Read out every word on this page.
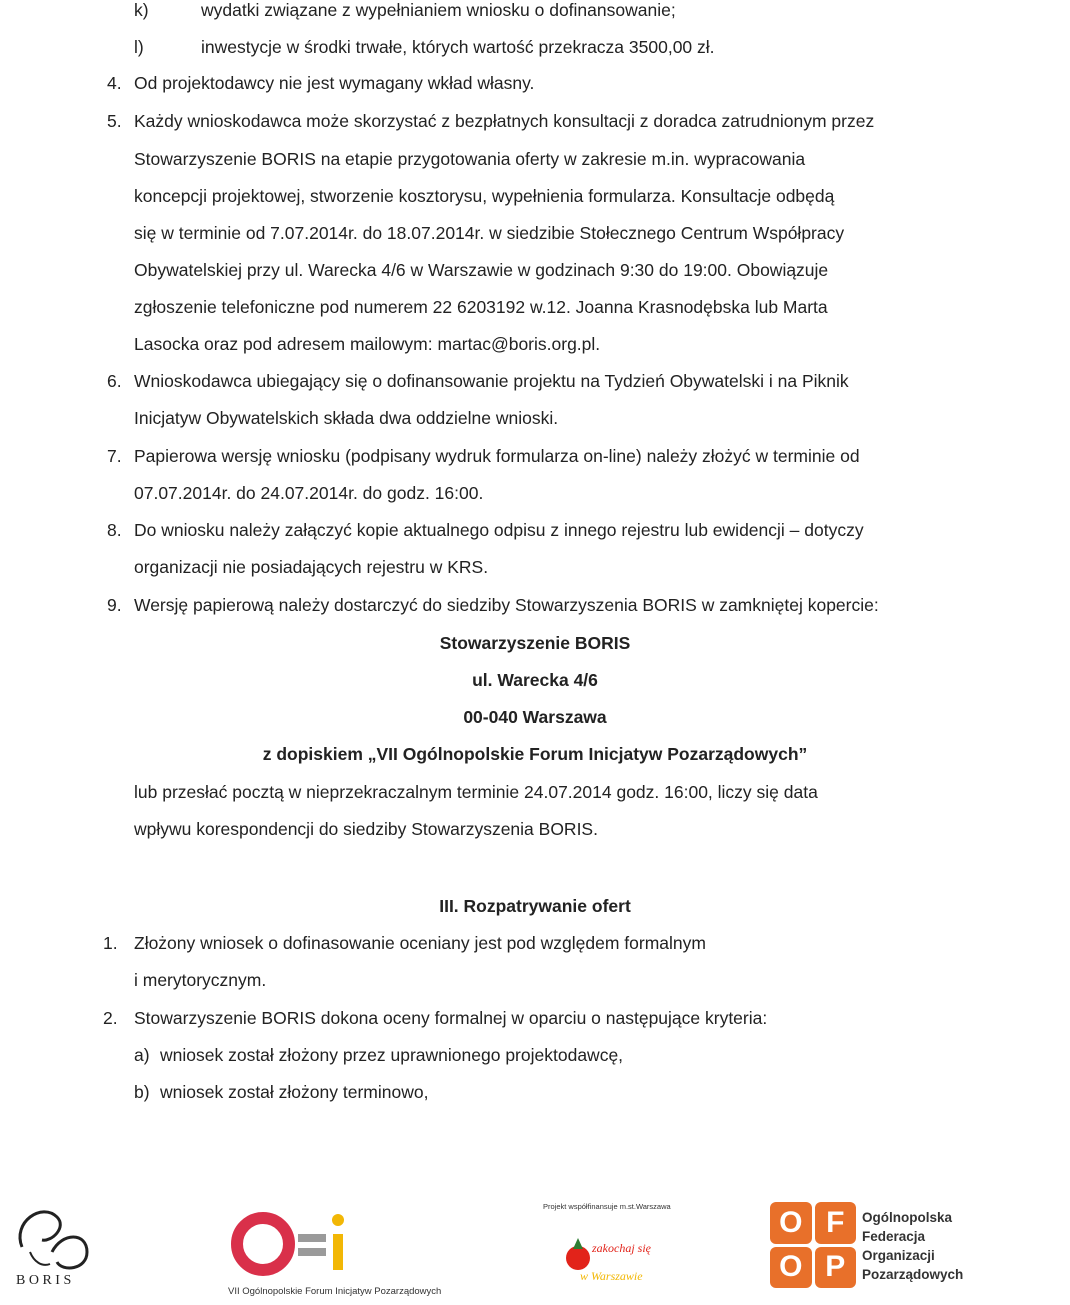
k)	wydatki związane z wypełnianiem wniosku o dofinansowanie;
l)	inwestycje w środki trwałe, których wartość przekracza 3500,00 zł.
4. Od projektodawcy nie jest wymagany wkład własny.
5. Każdy wnioskodawca może skorzystać z bezpłatnych konsultacji z doradca zatrudnionym przez
Stowarzyszenie BORIS na etapie przygotowania oferty w zakresie m.in. wypracowania
koncepcji projektowej, stworzenie kosztorysu, wypełnienia formularza. Konsultacje odbędą
się w terminie od 7.07.2014r. do 18.07.2014r. w siedzibie Stołecznego Centrum Współpracy
Obywatelskiej przy ul. Warecka 4/6 w Warszawie w godzinach 9:30 do 19:00. Obowiązuje
zgłoszenie telefoniczne pod numerem 22 6203192 w.12. Joanna Krasnodębska lub Marta
Lasocka oraz pod adresem mailowym: martac@boris.org.pl.
6. Wnioskodawca ubiegający się o dofinansowanie projektu na Tydzień Obywatelski i na Piknik
Inicjatyw Obywatelskich składa dwa oddzielne wnioski.
7. Papierowa wersję wniosku (podpisany wydruk formularza on-line) należy złożyć w terminie od
07.07.2014r. do 24.07.2014r. do godz. 16:00.
8. Do wniosku należy załączyć kopie aktualnego odpisu z innego rejestru lub ewidencji – dotyczy
organizacji nie posiadających rejestru w KRS.
9. Wersję papierową należy dostarczyć do siedziby Stowarzyszenia BORIS w zamkniętej kopercie:
Stowarzyszenie BORIS
ul. Warecka 4/6
00-040 Warszawa
z dopiskiem „VII Ogólnopolskie Forum Inicjatyw Pozarządowych”
lub przesłać pocztą w nieprzekraczalnym terminie 24.07.2014 godz. 16:00, liczy się data
wpływu korespondencji do siedziby Stowarzyszenia BORIS.
III. Rozpatrywanie ofert
1. Złożony wniosek o dofinasowanie oceniany jest pod względem formalnym
i merytorycznym.
2. Stowarzyszenie BORIS dokona oceny formalnej w oparciu o następujące kryteria:
a) wniosek został złożony przez uprawnionego projektodawcę,
b) wniosek został złożony terminowo,
B O R I S
VII Ogólnopolskie Forum Inicjatyw Pozarządowych
Projekt współfinansuje m.st.Warszawa
zakochaj się
w Warszawie
O F
O P
Ogólnopolska
Federacja
Organizacji
Pozarządowych
